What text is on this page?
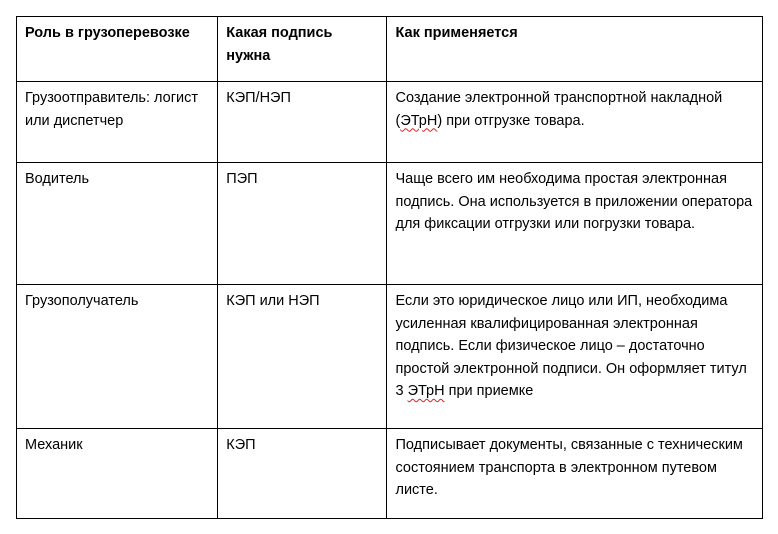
Роль в грузоперевозке	Какая подпись нужна	Как применяется
Грузоотправитель: логист или диспетчер	КЭП/НЭП	Создание электронной транспортной накладной (ЭТрН) при отгрузке товара.
Водитель	ПЭП	Чаще всего им необходима простая электронная подпись. Она используется в приложении оператора для фиксации отгрузки или погрузки товара.
Грузополучатель	КЭП или НЭП	Если это юридическое лицо или ИП, необходима усиленная квалифицированная электронная подпись. Если физическое лицо – достаточно простой электронной подписи. Он оформляет титул 3 ЭТрН при приемке
Механик	КЭП	Подписывает документы, связанные с техническим состоянием транспорта в электронном путевом листе.
